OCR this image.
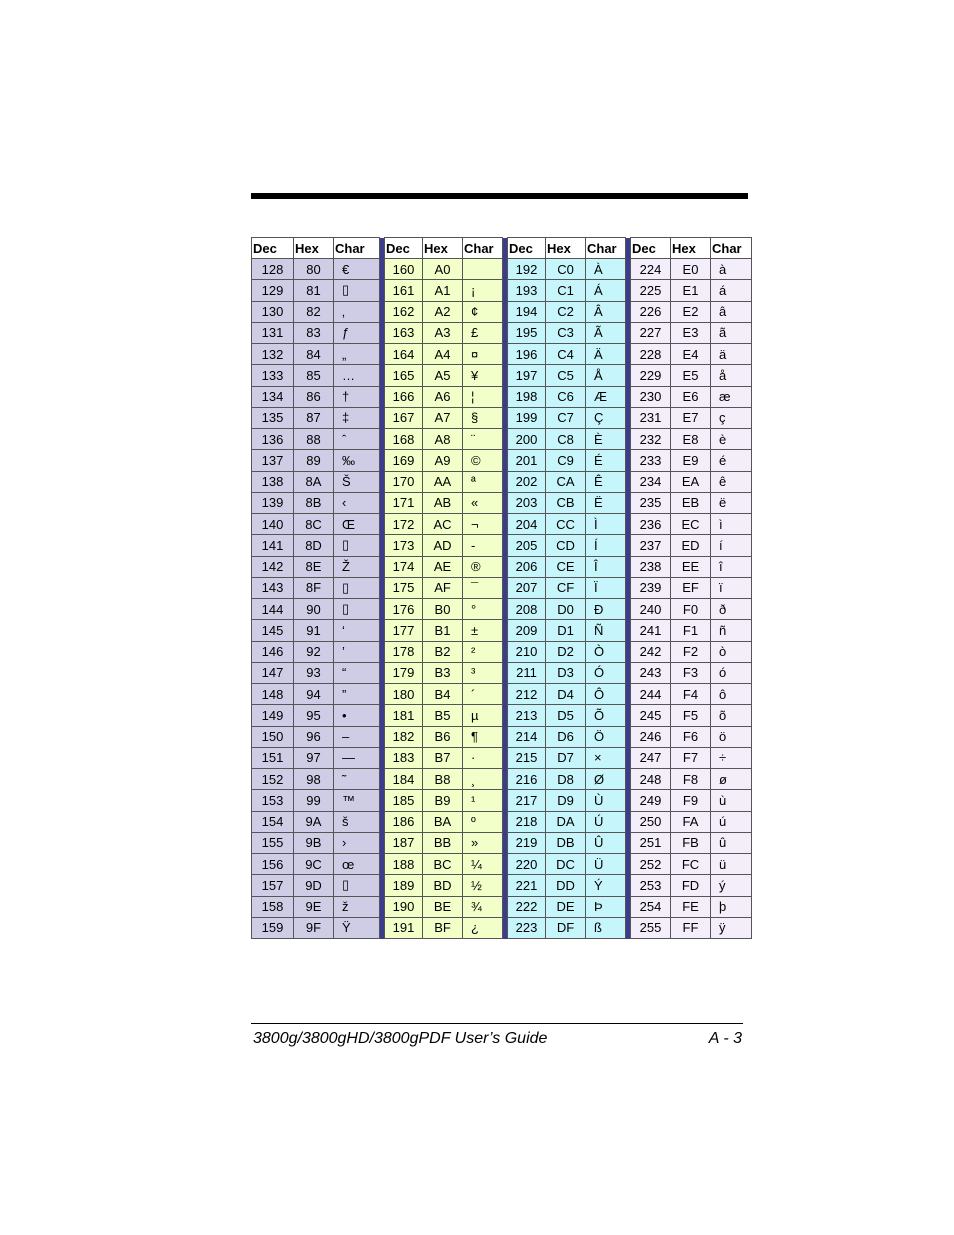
Dec	Hex	Char		Dec	Hex	Char		Dec	Hex	Char		Dec	Hex	Char
128	80	€		160	A0			192	C0	À		224	E0	à
129	81	▯		161	A1	¡		193	C1	Á		225	E1	á
130	82	‚		162	A2	¢		194	C2	Â		226	E2	â
131	83	ƒ		163	A3	£		195	C3	Ã		227	E3	ã
132	84	„		164	A4	¤		196	C4	Ä		228	E4	ä
133	85	…		165	A5	¥		197	C5	Å		229	E5	å
134	86	†		166	A6	¦		198	C6	Æ		230	E6	æ
135	87	‡		167	A7	§		199	C7	Ç		231	E7	ç
136	88	ˆ		168	A8	¨		200	C8	È		232	E8	è
137	89	‰		169	A9	©		201	C9	É		233	E9	é
138	8A	Š		170	AA	ª		202	CA	Ê		234	EA	ê
139	8B	‹		171	AB	«		203	CB	Ë		235	EB	ë
140	8C	Œ		172	AC	¬		204	CC	Ì		236	EC	ì
141	8D	▯		173	AD	-		205	CD	Í		237	ED	í
142	8E	Ž		174	AE	®		206	CE	Î		238	EE	î
143	8F	▯		175	AF	¯		207	CF	Ï		239	EF	ï
144	90	▯		176	B0	°		208	D0	Ð		240	F0	ð
145	91	‘		177	B1	±		209	D1	Ñ		241	F1	ñ
146	92	’		178	B2	²		210	D2	Ò		242	F2	ò
147	93	“		179	B3	³		211	D3	Ó		243	F3	ó
148	94	”		180	B4	´		212	D4	Ô		244	F4	ô
149	95	•		181	B5	µ		213	D5	Õ		245	F5	õ
150	96	–		182	B6	¶		214	D6	Ö		246	F6	ö
151	97	—		183	B7	·		215	D7	×		247	F7	÷
152	98	˜		184	B8	¸		216	D8	Ø		248	F8	ø
153	99	™		185	B9	¹		217	D9	Ù		249	F9	ù
154	9A	š		186	BA	º		218	DA	Ú		250	FA	ú
155	9B	›		187	BB	»		219	DB	Û		251	FB	û
156	9C	œ		188	BC	¼		220	DC	Ü		252	FC	ü
157	9D	▯		189	BD	½		221	DD	Ý		253	FD	ý
158	9E	ž		190	BE	¾		222	DE	Þ		254	FE	þ
159	9F	Ÿ		191	BF	¿		223	DF	ß		255	FF	ÿ
3800g/3800gHD/3800gPDF User’s Guide	A - 3
